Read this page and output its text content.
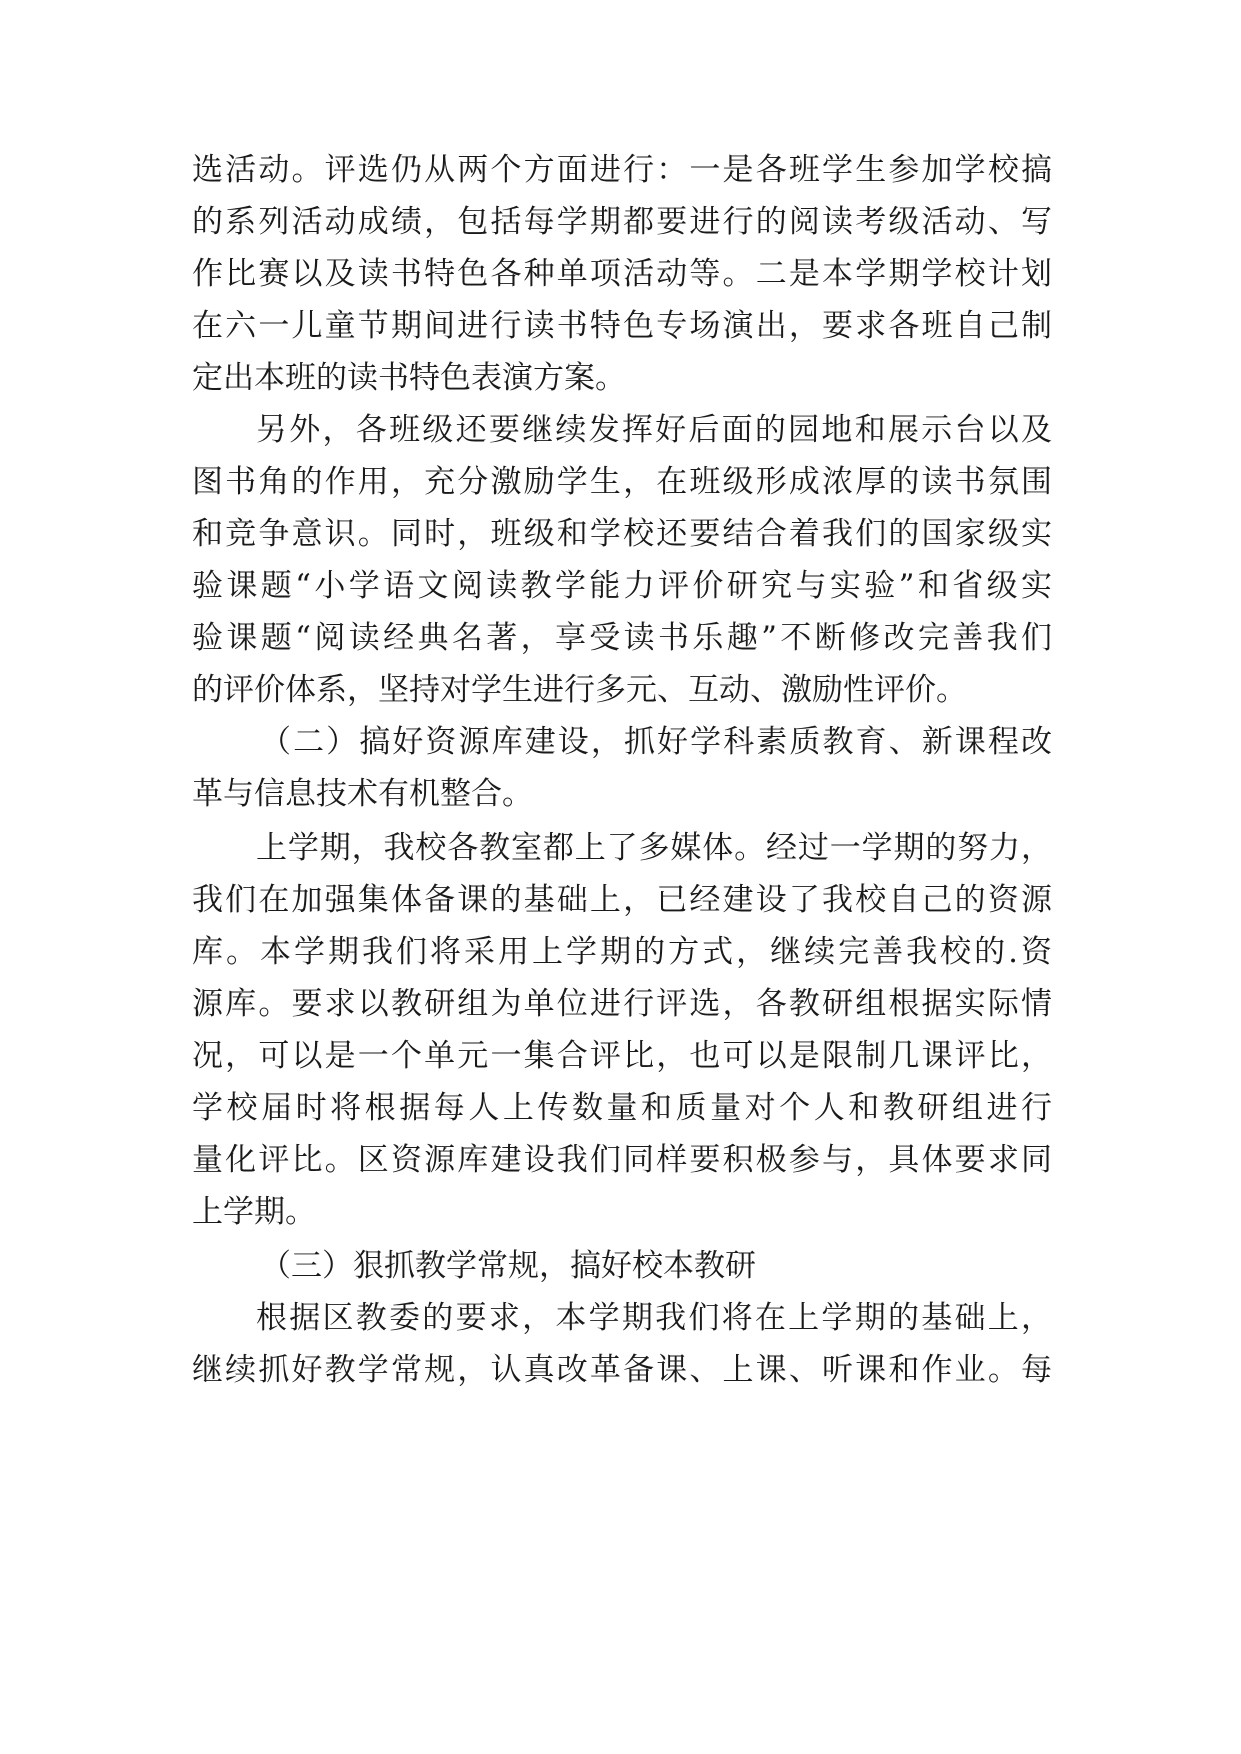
选活动。评选仍从两个方面进行：一是各班学生参加学校搞
的系列活动成绩，包括每学期都要进行的阅读考级活动、写
作比赛以及读书特色各种单项活动等。二是本学期学校计划
在六一儿童节期间进行读书特色专场演出，要求各班自己制
定出本班的读书特色表演方案。
另外，各班级还要继续发挥好后面的园地和展示台以及
图书角的作用，充分激励学生，在班级形成浓厚的读书氛围
和竞争意识。同时，班级和学校还要结合着我们的国家级实
验课题“小学语文阅读教学能力评价研究与实验”和省级实
验课题“阅读经典名著，享受读书乐趣”不断修改完善我们
的评价体系，坚持对学生进行多元、互动、激励性评价。
（二）搞好资源库建设，抓好学科素质教育、新课程改
革与信息技术有机整合。
上学期，我校各教室都上了多媒体。经过一学期的努力，
我们在加强集体备课的基础上，已经建设了我校自己的资源
库。本学期我们将采用上学期的方式，继续完善我校的.资
源库。要求以教研组为单位进行评选，各教研组根据实际情
况，可以是一个单元一集合评比，也可以是限制几课评比，
学校届时将根据每人上传数量和质量对个人和教研组进行
量化评比。区资源库建设我们同样要积极参与，具体要求同
上学期。
（三）狠抓教学常规，搞好校本教研
根据区教委的要求，本学期我们将在上学期的基础上，
继续抓好教学常规，认真改革备课、上课、听课和作业。每
